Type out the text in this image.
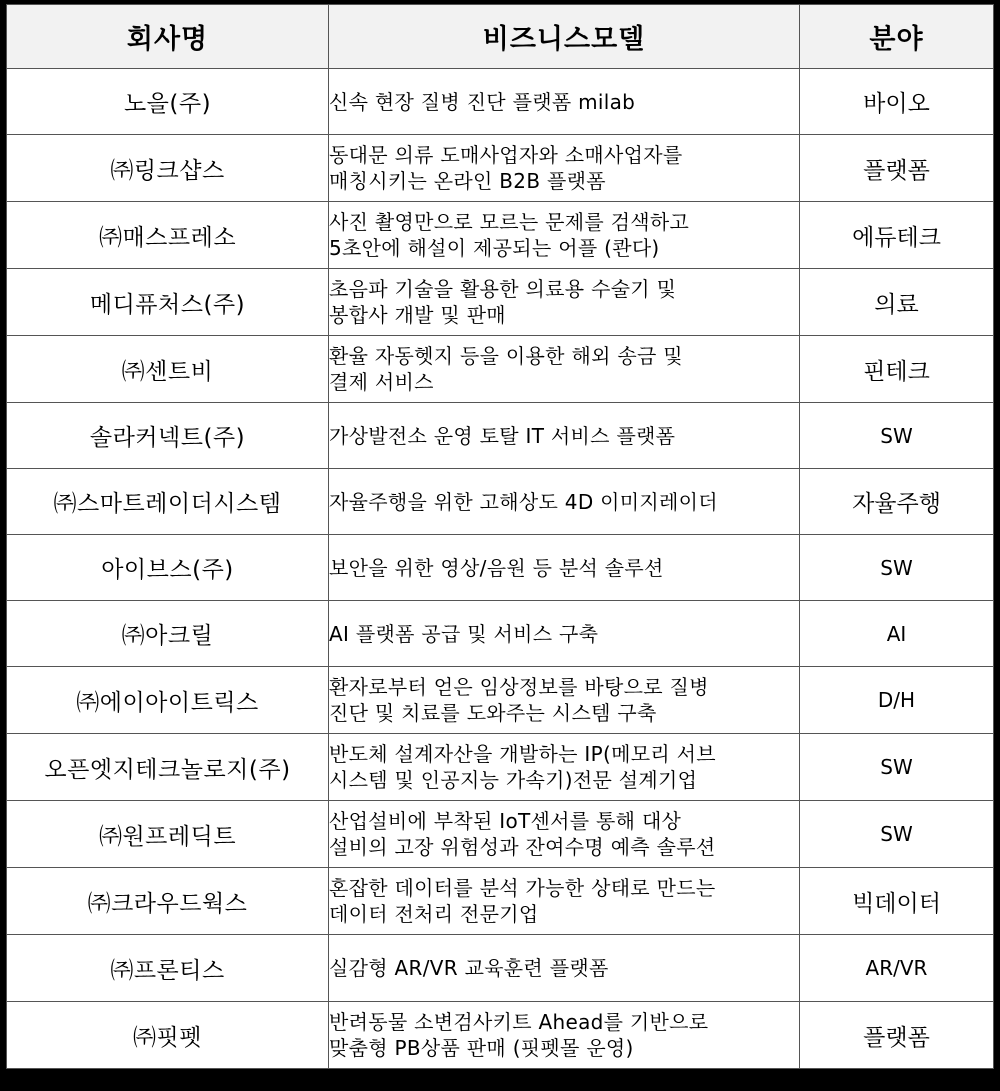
회사명	비즈니스모델	분야
노을(주)	신속 현장 질병 진단 플랫폼 milab	바이오
㈜링크샵스	동대문 의류 도매사업자와 소매사업자를
매칭시키는 온라인 B2B 플랫폼	플랫폼
㈜매스프레소	사진 촬영만으로 모르는 문제를 검색하고
5초안에 해설이 제공되는 어플 (콴다)	에듀테크
메디퓨처스(주)	초음파 기술을 활용한 의료용 수술기 및
봉합사 개발 및 판매	의료
㈜센트비	환율 자동헷지 등을 이용한 해외 송금 및
결제 서비스	핀테크
솔라커넥트(주)	가상발전소 운영 토탈 IT 서비스 플랫폼	SW
㈜스마트레이더시스템	자율주행을 위한 고해상도 4D 이미지레이더	자율주행
아이브스(주)	보안을 위한 영상/음원 등 분석 솔루션	SW
㈜아크릴	AI 플랫폼 공급 및 서비스 구축	AI
㈜에이아이트릭스	환자로부터 얻은 임상정보를 바탕으로 질병
진단 및 치료를 도와주는 시스템 구축	D/H
오픈엣지테크놀로지(주)	반도체 설계자산을 개발하는 IP(메모리 서브
시스템 및 인공지능 가속기)전문 설계기업	SW
㈜원프레딕트	산업설비에 부착된 IoT센서를 통해 대상
설비의 고장 위험성과 잔여수명 예측 솔루션	SW
㈜크라우드웍스	혼잡한 데이터를 분석 가능한 상태로 만드는
데이터 전처리 전문기업	빅데이터
㈜프론티스	실감형 AR/VR 교육훈련 플랫폼	AR/VR
㈜핏펫	반려동물 소변검사키트 Ahead를 기반으로
맞춤형 PB상품 판매 (핏펫몰 운영)	플랫폼
